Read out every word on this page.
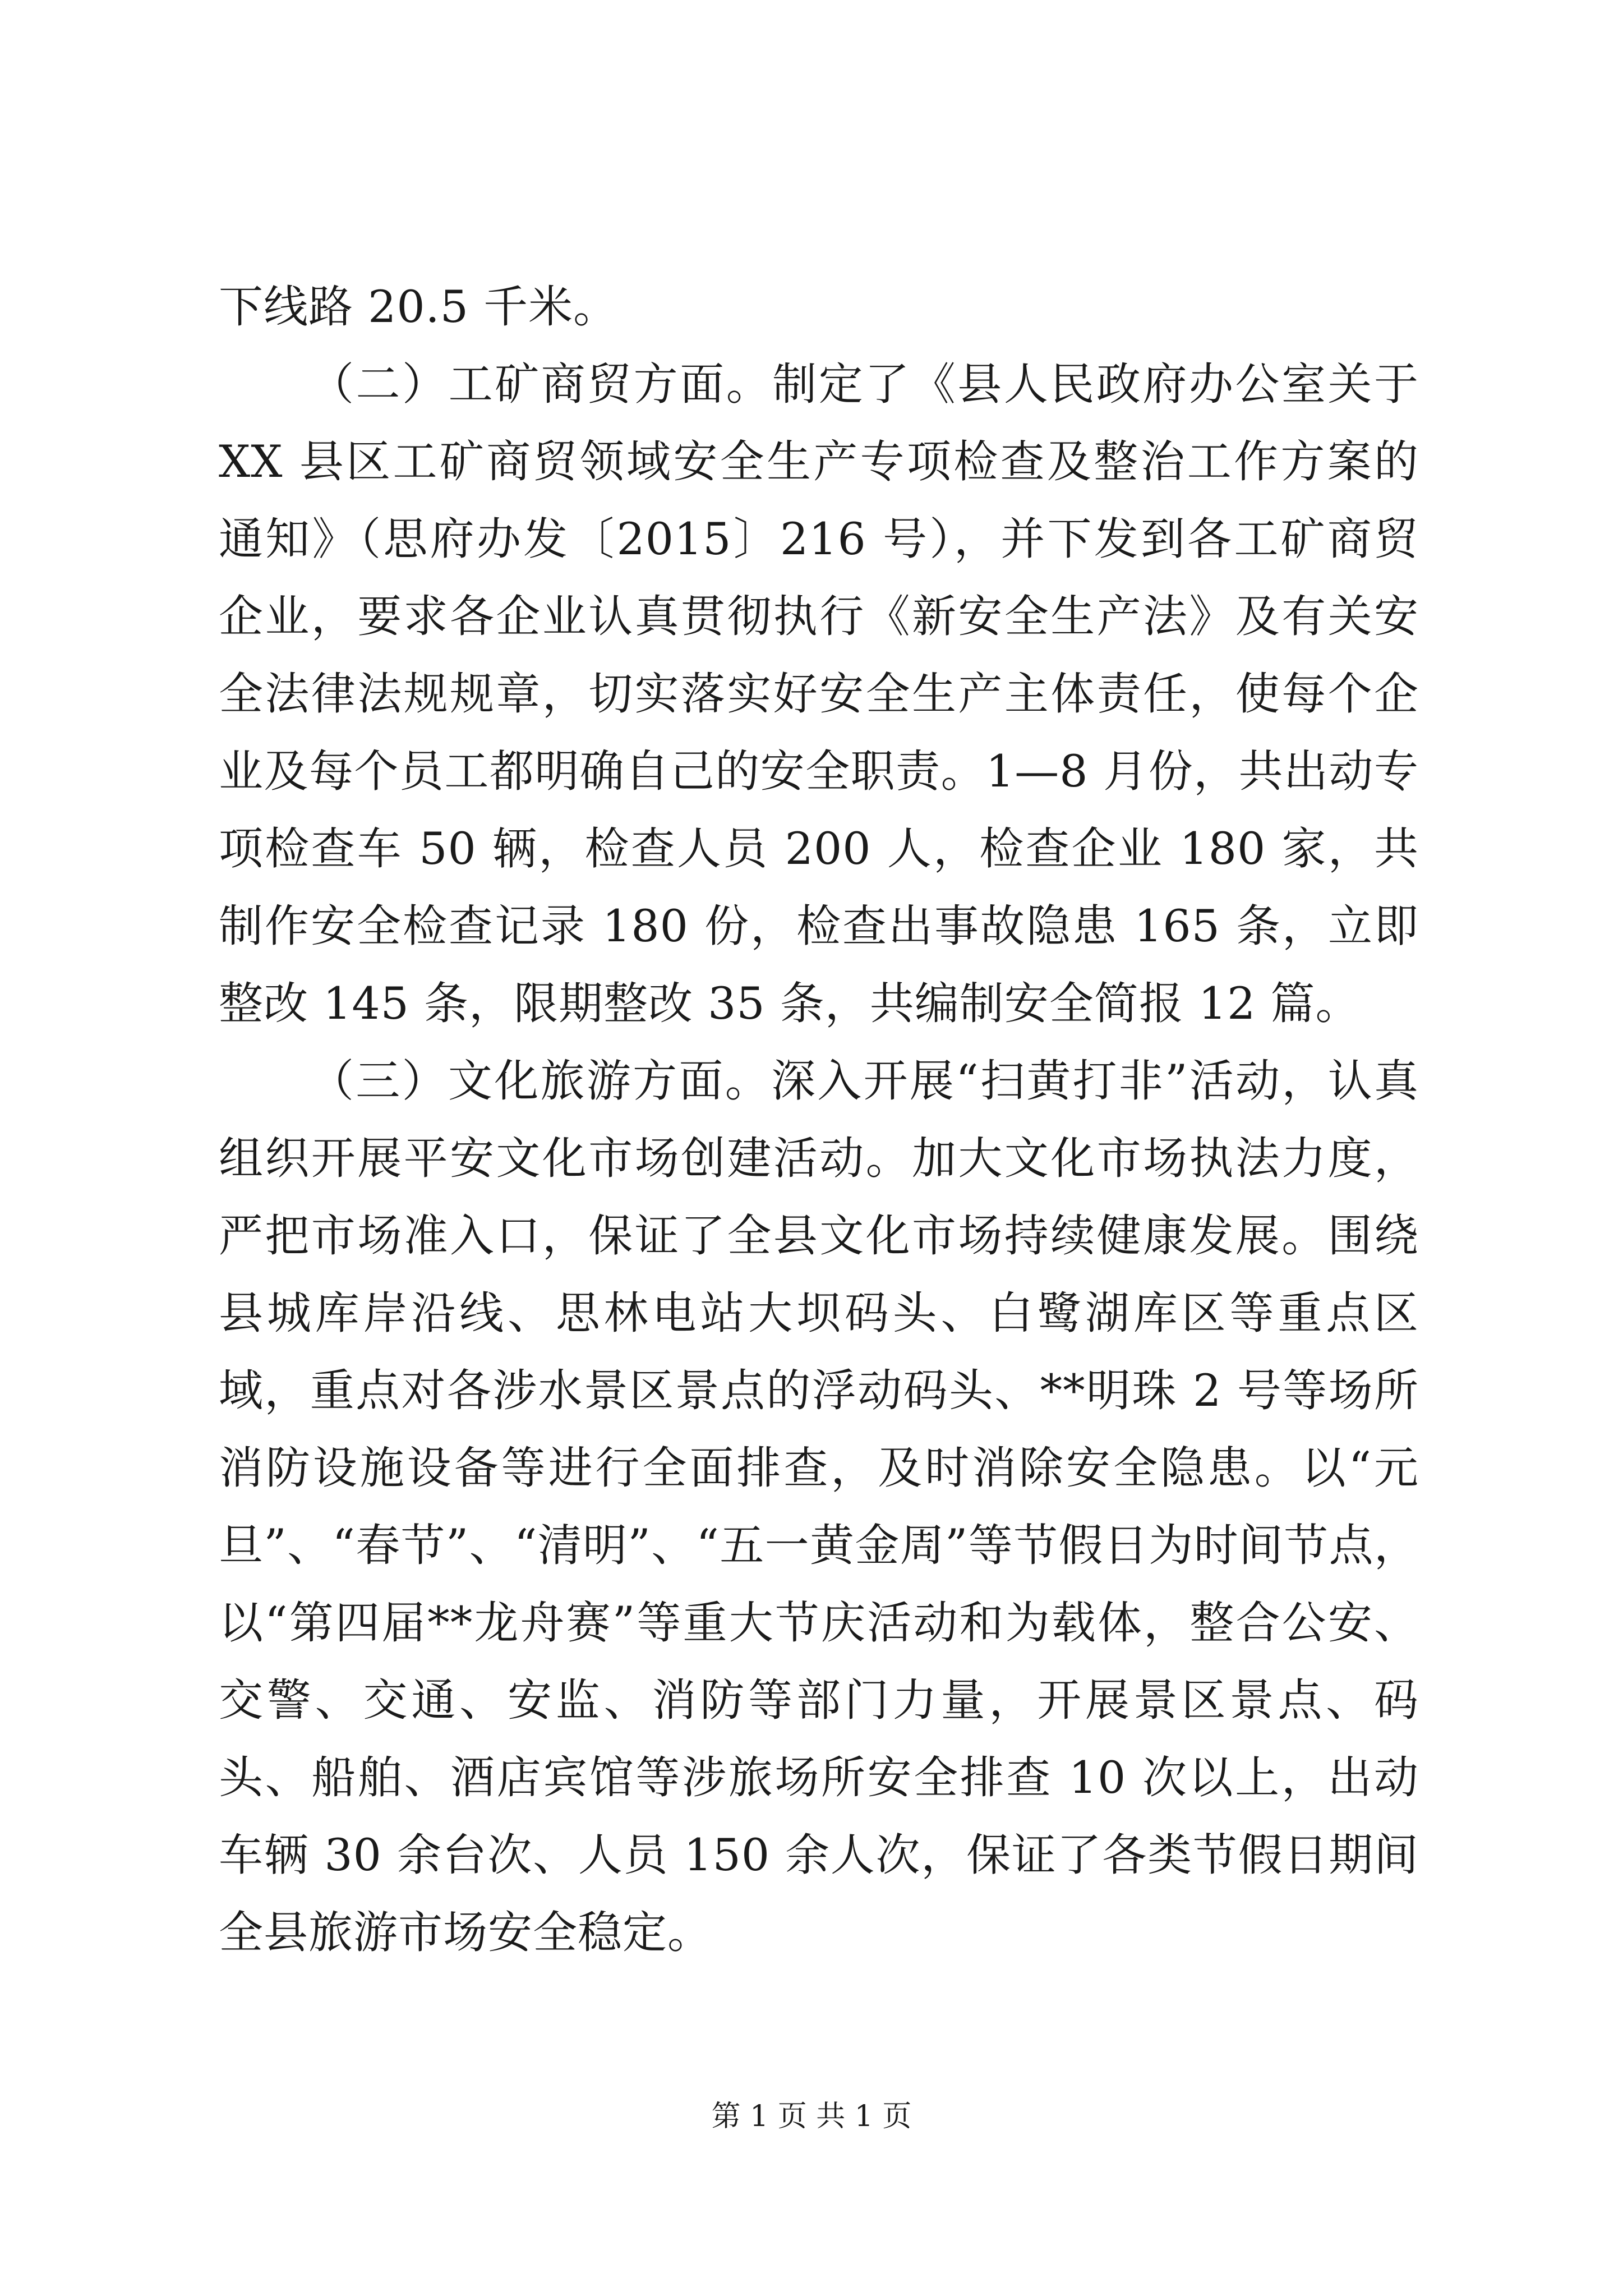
下线路 20.5 千米。

（二）工矿商贸方面。制定了《县人民政府办公室关于 XX 县区工矿商贸领域安全生产专项检查及整治工作方案的通知》（思府办发〔2015〕216 号），并下发到各工矿商贸企业，要求各企业认真贯彻执行《新安全生产法》及有关安全法律法规规章，切实落实好安全生产主体责任，使每个企业及每个员工都明确自己的安全职责。1—8 月份，共出动专项检查车 50 辆，检查人员 200 人，检查企业 180 家，共制作安全检查记录 180 份，检查出事故隐患 165 条，立即整改 145 条，限期整改 35 条，共编制安全简报 12 篇。

（三）文化旅游方面。深入开展“扫黄打非”活动，认真组织开展平安文化市场创建活动。加大文化市场执法力度，严把市场准入口，保证了全县文化市场持续健康发展。围绕县城库岸沿线、思林电站大坝码头、白鹭湖库区等重点区域，重点对各涉水景区景点的浮动码头、**明珠 2 号等场所消防设施设备等进行全面排查，及时消除安全隐患。以“元旦”、“春节”、“清明”、“五一黄金周”等节假日为时间节点，以“第四届**龙舟赛”等重大节庆活动和为载体，整合公安、交警、交通、安监、消防等部门力量，开展景区景点、码头、船舶、酒店宾馆等涉旅场所安全排查 10 次以上，出动车辆 30 余台次、人员 150 余人次，保证了各类节假日期间全县旅游市场安全稳定。

第 1 页 共 1 页
